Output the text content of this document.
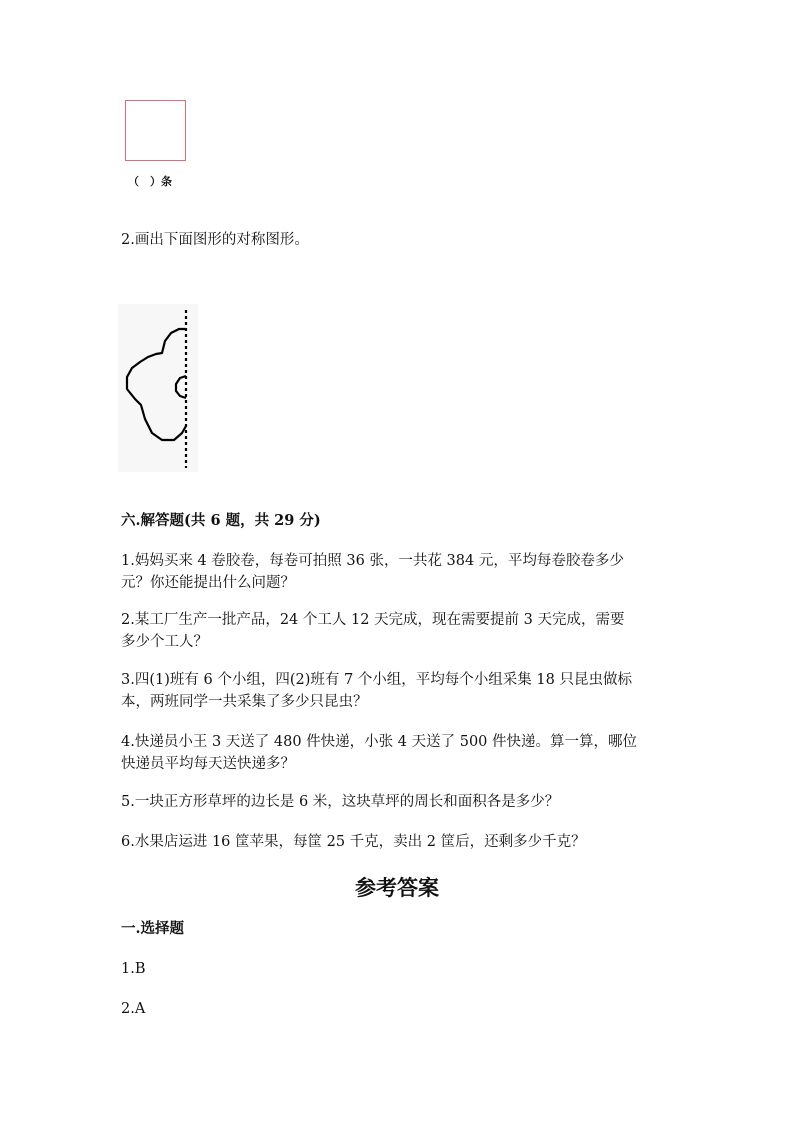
（　）条
2.画出下面图形的对称图形。
六.解答题(共 6 题，共 29 分)
1.妈妈买来 4 卷胶卷，每卷可拍照 36 张，一共花 384 元，平均每卷胶卷多少
元？你还能提出什么问题？
2.某工厂生产一批产品，24 个工人 12 天完成，现在需要提前 3 天完成，需要
多少个工人？
3.四(1)班有 6 个小组，四(2)班有 7 个小组，平均每个小组采集 18 只昆虫做标
本，两班同学一共采集了多少只昆虫？
4.快递员小王 3 天送了 480 件快递，小张 4 天送了 500 件快递。算一算，哪位
快递员平均每天送快递多？
5.一块正方形草坪的边长是 6 米，这块草坪的周长和面积各是多少？
6.水果店运进 16 筐苹果，每筐 25 千克，卖出 2 筐后，还剩多少千克？
参考答案
一.选择题
1.B
2.A
